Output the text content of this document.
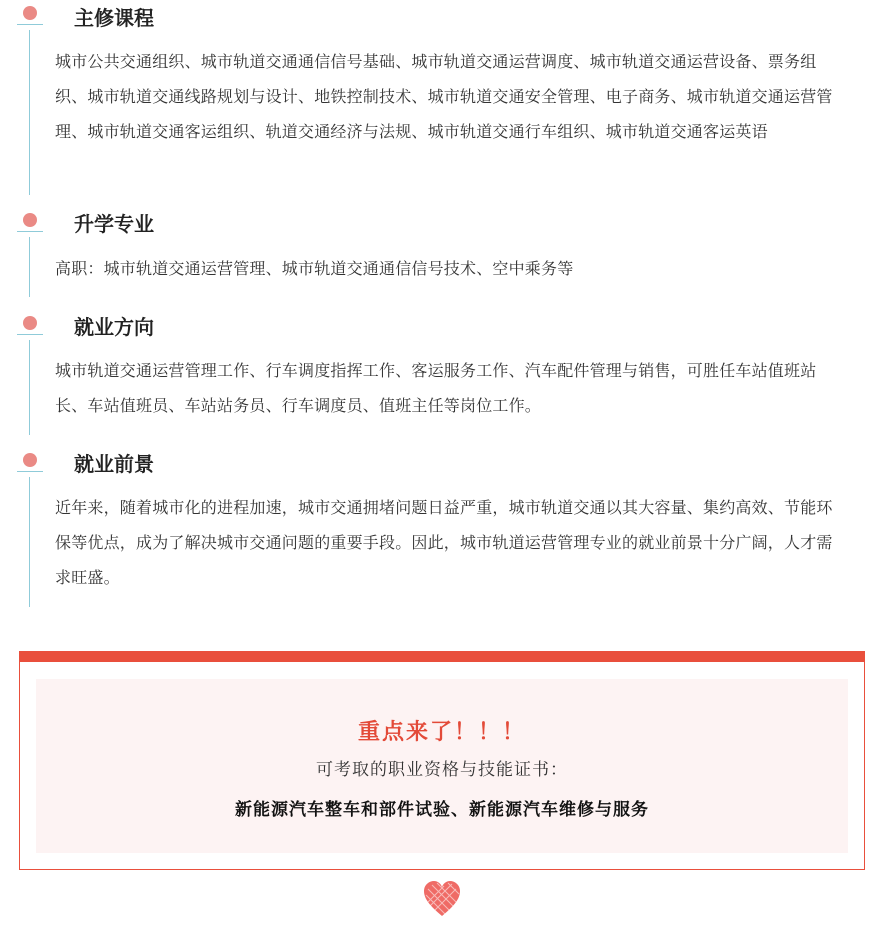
主修课程
城市公共交通组织、城市轨道交通通信信号基础、城市轨道交通运营调度、城市轨道交通运营设备、票务组织、城市轨道交通线路规划与设计、地铁控制技术、城市轨道交通安全管理、电子商务、城市轨道交通运营管理、城市轨道交通客运组织、轨道交通经济与法规、城市轨道交通行车组织、城市轨道交通客运英语
升学专业
高职：城市轨道交通运营管理、城市轨道交通通信信号技术、空中乘务等
就业方向
城市轨道交通运营管理工作、行车调度指挥工作、客运服务工作、汽车配件管理与销售，可胜任车站值班站长、车站值班员、车站站务员、行车调度员、值班主任等岗位工作。
就业前景
近年来，随着城市化的进程加速，城市交通拥堵问题日益严重，城市轨道交通以其大容量、集约高效、节能环保等优点，成为了解决城市交通问题的重要手段。因此，城市轨道运营管理专业的就业前景十分广阔，人才需求旺盛。
重点来了！！！
可考取的职业资格与技能证书：
新能源汽车整车和部件试验、新能源汽车维修与服务
